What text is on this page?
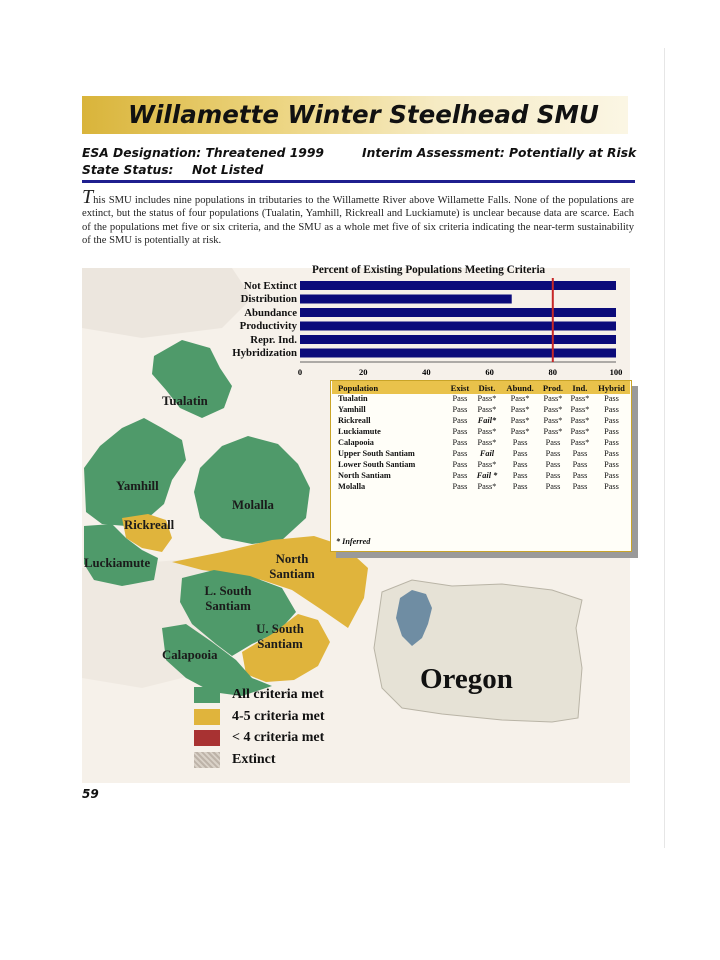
Willamette Winter Steelhead SMU
ESA Designation: Threatened 1999	Interim Assessment: Potentially at Risk
State Status: Not Listed
This SMU includes nine populations in tributaries to the Willamette River above Willamette Falls. None of the populations are extinct, but the status of four populations (Tualatin, Yamhill, Rickreall and Luckiamute) is unclear because data are scarce. Each of the populations met five or six criteria, and the SMU as a whole met five of six criteria indicating the near-term sustainability of the SMU is potentially at risk.
Percent of Existing Populations Meeting Criteria
Not Extinct
Distribution
Abundance
Productivity
Repr. Ind.
Hybridization
0	20	40	60	80	100
Population	Exist	Dist.	Abund.	Prod.	Ind.	Hybrid
Tualatin	Pass	Pass*	Pass*	Pass*	Pass*	Pass
Yamhill	Pass	Pass*	Pass*	Pass*	Pass*	Pass
Rickreall	Pass	Fail*	Pass*	Pass*	Pass*	Pass
Luckiamute	Pass	Pass*	Pass*	Pass*	Pass*	Pass
Calapooia	Pass	Pass*	Pass	Pass	Pass*	Pass
Upper South Santiam	Pass	Fail	Pass	Pass	Pass	Pass
Lower South Santiam	Pass	Pass*	Pass	Pass	Pass	Pass
North Santiam	Pass	Fail *	Pass	Pass	Pass	Pass
Molalla	Pass	Pass*	Pass	Pass	Pass	Pass
* Inferred
Tualatin
Yamhill
Rickreall
Luckiamute
Molalla
North Santiam
L. South Santiam
U. South Santiam
Calapooia
Oregon
All criteria met
4-5 criteria met
< 4 criteria met
Extinct
59
